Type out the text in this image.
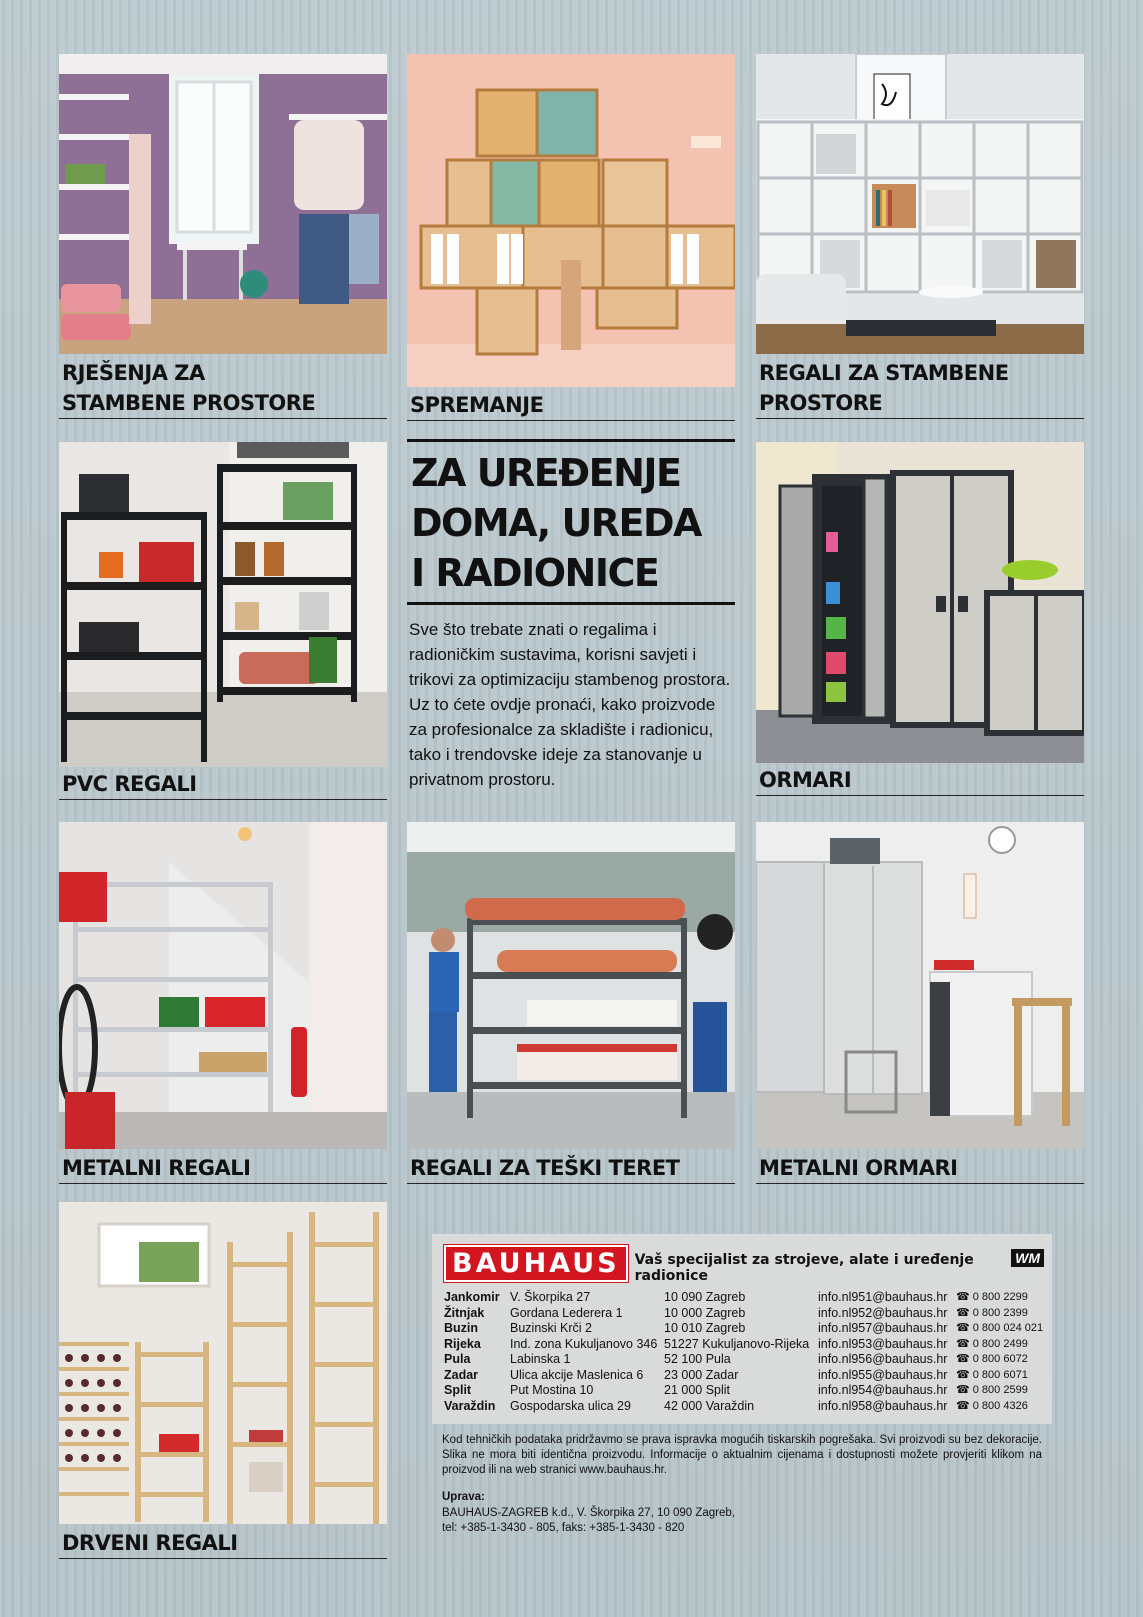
RJEŠENJA ZA
STAMBENE PROSTORE	SPREMANJE
REGALI ZA STAMBENE
PROSTORE
PVC REGALI
ZA UREĐENJE
DOMA, UREDA
I RADIONICE

Sve što trebate znati o regalima i radioničkim sustavima, korisni savjeti i trikovi za optimizaciju stambenog prostora. Uz to ćete ovdje pronaći, kako proizvode za profesionalce za skladište i radionicu, tako i trendovske ideje za stanovanje u privatnom prostoru.	ORMARI
METALNI REGALI	REGALI ZA TEŠKI TERET	METALNI ORMARI
DRVENI REGALI
BAUHAUS	Vaš specijalist za strojeve, alate i uređenje radionice
WM
Jankomir	V. Škorpika 27	10 090 Zagreb	info.nl951@bauhaus.hr	☎ 0 800 2299
Žitnjak	Gordana Lederera 1	10 000 Zagreb	info.nl952@bauhaus.hr	☎ 0 800 2399
Buzin	Buzinski Krči 2	10 010 Zagreb	info.nl957@bauhaus.hr	☎ 0 800 024 021
Rijeka	Ind. zona Kukuljanovo 346	51227 Kukuljanovo-Rijeka	info.nl953@bauhaus.hr	☎ 0 800 2499
Pula	Labinska 1	52 100 Pula	info.nl956@bauhaus.hr	☎ 0 800 6072
Zadar	Ulica akcije Maslenica 6	23 000 Zadar	info.nl955@bauhaus.hr	☎ 0 800 6071
Split	Put Mostina 10	21 000 Split	info.nl954@bauhaus.hr	☎ 0 800 2599
Varaždin	Gospodarska ulica 29	42 000 Varaždin	info.nl958@bauhaus.hr	☎ 0 800 4326
Kod tehničkih podataka pridržavmo se prava ispravka mogućih tiskarskih pogrešaka. Svi proizvodi su bez dekoracije. Slika ne mora biti identična proizvodu. Informacije o aktualnim cijenama i dostupnosti možete provjeriti klikom na proizvod ili na web stranici www.bauhaus.hr.
Uprava:
BAUHAUS-ZAGREB k.d., V. Škorpika 27, 10 090 Zagreb,
tel: +385-1-3430 - 805, faks: +385-1-3430 - 820
